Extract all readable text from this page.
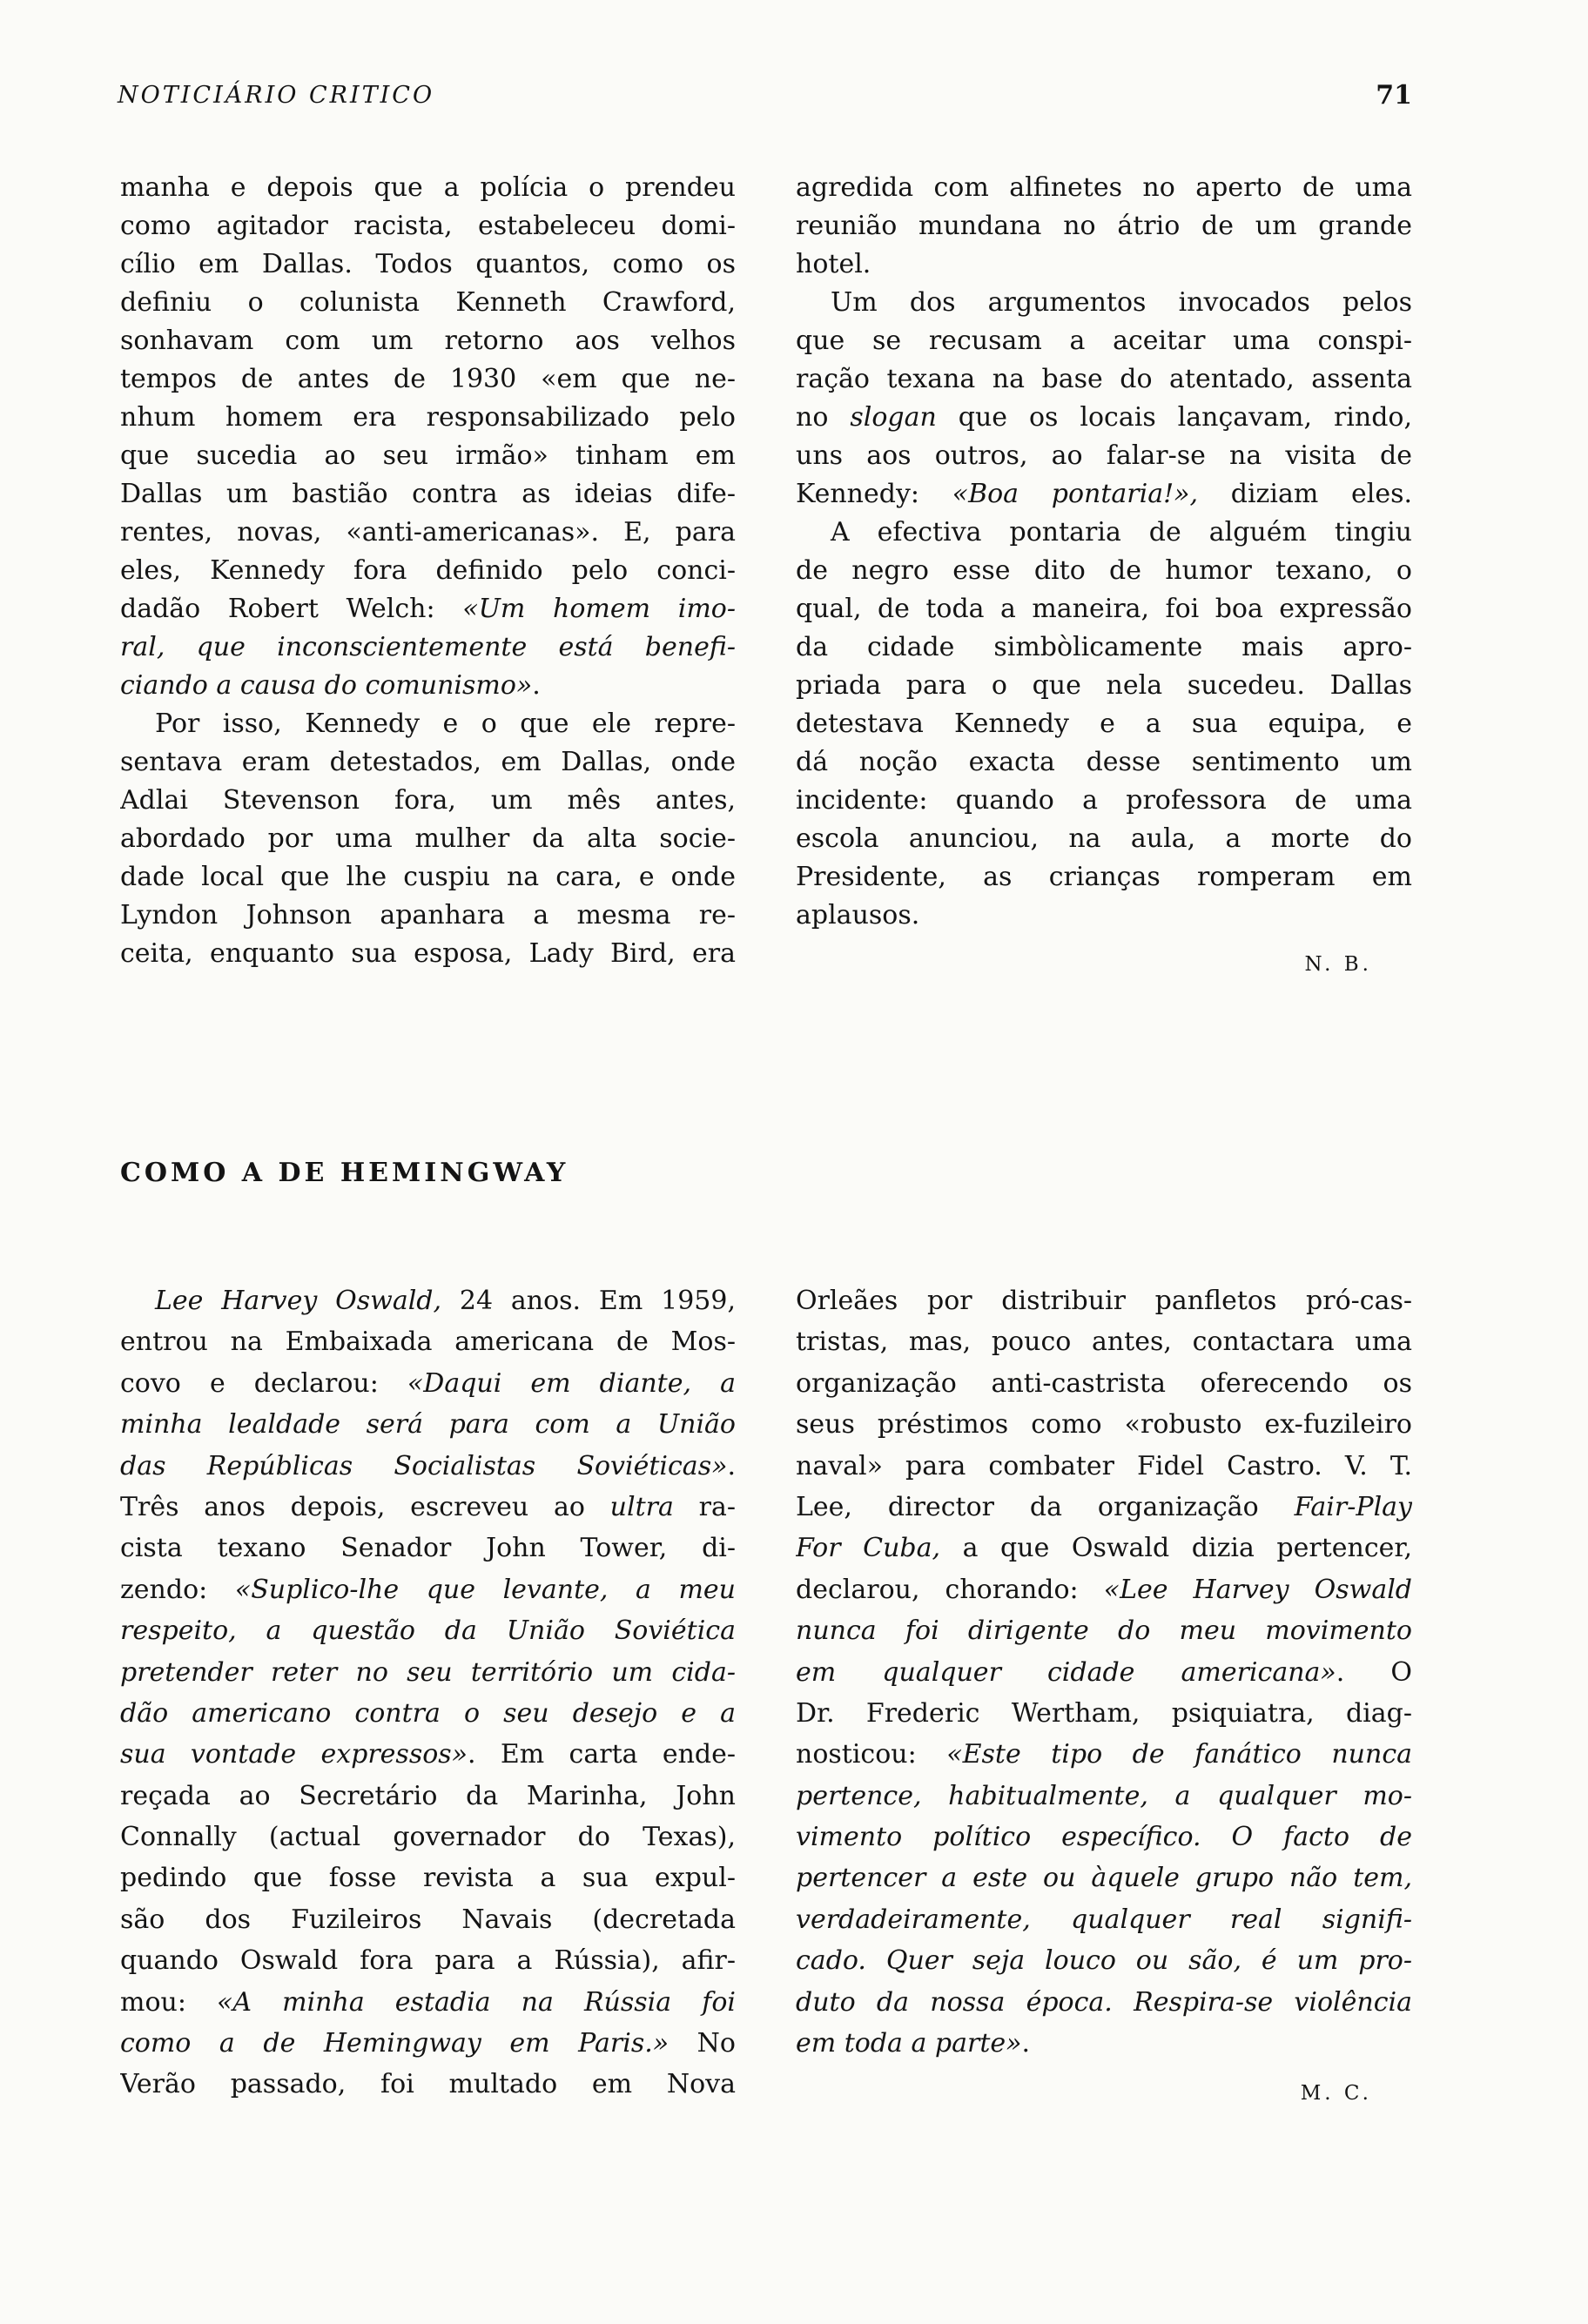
NOTICIÁRIO CRITICO	71
manha e depois que a polícia o prendeu
como agitador racista, estabeleceu domi-
cílio em Dallas. Todos quantos, como os
definiu o colunista Kenneth Crawford,
sonhavam com um retorno aos velhos
tempos de antes de 1930 «em que ne-
nhum homem era responsabilizado pelo
que sucedia ao seu irmão» tinham em
Dallas um bastião contra as ideias dife-
rentes, novas, «anti-americanas». E, para
eles, Kennedy fora definido pelo conci-
dadão Robert Welch: «Um homem imo-
ral, que inconscientemente está benefi-
ciando a causa do comunismo».
Por isso, Kennedy e o que ele repre-
sentava eram detestados, em Dallas, onde
Adlai Stevenson fora, um mês antes,
abordado por uma mulher da alta socie-
dade local que lhe cuspiu na cara, e onde
Lyndon Johnson apanhara a mesma re-
ceita, enquanto sua esposa, Lady Bird, era
agredida com alfinetes no aperto de uma
reunião mundana no átrio de um grande
hotel.
Um dos argumentos invocados pelos
que se recusam a aceitar uma conspi-
ração texana na base do atentado, assenta
no slogan que os locais lançavam, rindo,
uns aos outros, ao falar-se na visita de
Kennedy: «Boa pontaria!», diziam eles.
A efectiva pontaria de alguém tingiu
de negro esse dito de humor texano, o
qual, de toda a maneira, foi boa expressão
da cidade simbòlicamente mais apro-
priada para o que nela sucedeu. Dallas
detestava Kennedy e a sua equipa, e
dá noção exacta desse sentimento um
incidente: quando a professora de uma
escola anunciou, na aula, a morte do
Presidente, as crianças romperam em
aplausos.
N. B.
COMO A DE HEMINGWAY
Lee Harvey Oswald, 24 anos. Em 1959,
entrou na Embaixada americana de Mos-
covo e declarou: «Daqui em diante, a
minha lealdade será para com a União
das Repúblicas Socialistas Soviéticas».
Três anos depois, escreveu ao ultra ra-
cista texano Senador John Tower, di-
zendo: «Suplico-lhe que levante, a meu
respeito, a questão da União Soviética
pretender reter no seu território um cida-
dão americano contra o seu desejo e a
sua vontade expressos». Em carta ende-
reçada ao Secretário da Marinha, John
Connally (actual governador do Texas),
pedindo que fosse revista a sua expul-
são dos Fuzileiros Navais (decretada
quando Oswald fora para a Rússia), afir-
mou: «A minha estadia na Rússia foi
como a de Hemingway em Paris.» No
Verão passado, foi multado em Nova
Orleães por distribuir panfletos pró-cas-
tristas, mas, pouco antes, contactara uma
organização anti-castrista oferecendo os
seus préstimos como «robusto ex-fuzileiro
naval» para combater Fidel Castro. V. T.
Lee, director da organização Fair-Play
For Cuba, a que Oswald dizia pertencer,
declarou, chorando: «Lee Harvey Oswald
nunca foi dirigente do meu movimento
em qualquer cidade americana». O
Dr. Frederic Wertham, psiquiatra, diag-
nosticou: «Este tipo de fanático nunca
pertence, habitualmente, a qualquer mo-
vimento político específico. O facto de
pertencer a este ou àquele grupo não tem,
verdadeiramente, qualquer real signifi-
cado. Quer seja louco ou são, é um pro-
duto da nossa época. Respira-se violência
em toda a parte».
M. C.
